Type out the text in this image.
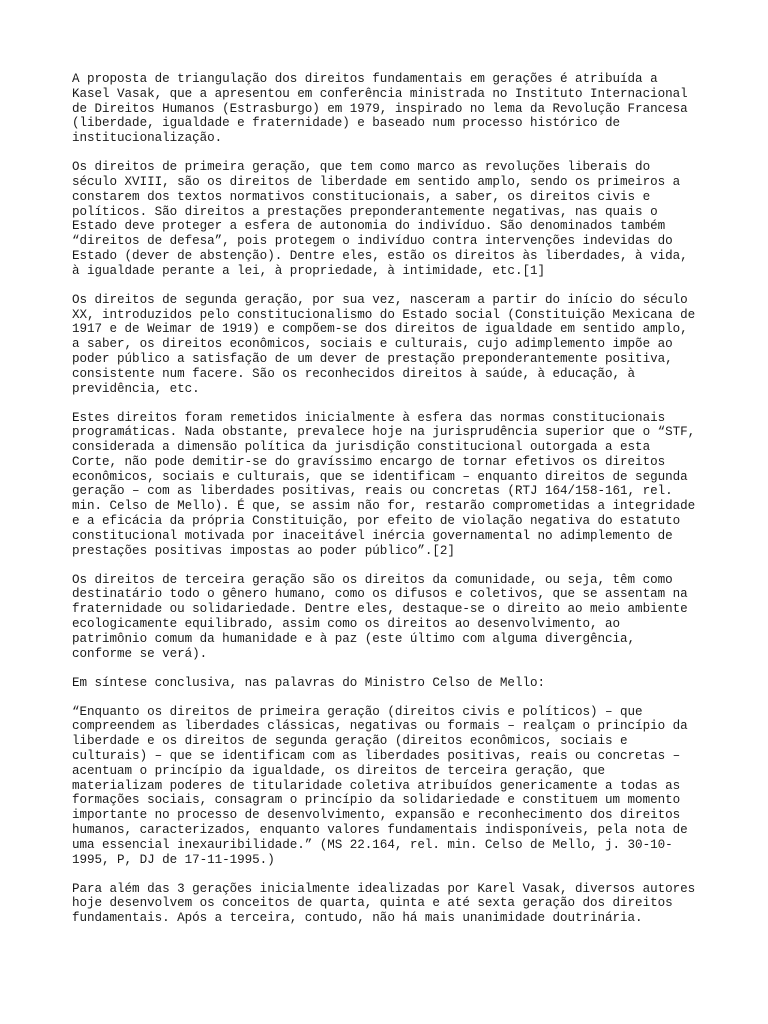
A proposta de triangulação dos direitos fundamentais em gerações é atribuída a
Kasel Vasak, que a apresentou em conferência ministrada no Instituto Internacional
de Direitos Humanos (Estrasburgo) em 1979, inspirado no lema da Revolução Francesa
(liberdade, igualdade e fraternidade) e baseado num processo histórico de
institucionalização.

Os direitos de primeira geração, que tem como marco as revoluções liberais do
século XVIII, são os direitos de liberdade em sentido amplo, sendo os primeiros a
constarem dos textos normativos constitucionais, a saber, os direitos civis e
políticos. São direitos a prestações preponderantemente negativas, nas quais o
Estado deve proteger a esfera de autonomia do indivíduo. São denominados também
“direitos de defesa”, pois protegem o indivíduo contra intervenções indevidas do
Estado (dever de abstenção). Dentre eles, estão os direitos às liberdades, à vida,
à igualdade perante a lei, à propriedade, à intimidade, etc.[1]

Os direitos de segunda geração, por sua vez, nasceram a partir do início do século
XX, introduzidos pelo constitucionalismo do Estado social (Constituição Mexicana de
1917 e de Weimar de 1919) e compõem-se dos direitos de igualdade em sentido amplo,
a saber, os direitos econômicos, sociais e culturais, cujo adimplemento impõe ao
poder público a satisfação de um dever de prestação preponderantemente positiva,
consistente num facere. São os reconhecidos direitos à saúde, à educação, à
previdência, etc.

Estes direitos foram remetidos inicialmente à esfera das normas constitucionais
programáticas. Nada obstante, prevalece hoje na jurisprudência superior que o “STF,
considerada a dimensão política da jurisdição constitucional outorgada a esta
Corte, não pode demitir-se do gravíssimo encargo de tornar efetivos os direitos
econômicos, sociais e culturais, que se identificam – enquanto direitos de segunda
geração – com as liberdades positivas, reais ou concretas (RTJ 164/158-161, rel.
min. Celso de Mello). É que, se assim não for, restarão comprometidas a integridade
e a eficácia da própria Constituição, por efeito de violação negativa do estatuto
constitucional motivada por inaceitável inércia governamental no adimplemento de
prestações positivas impostas ao poder público”.[2]

Os direitos de terceira geração são os direitos da comunidade, ou seja, têm como
destinatário todo o gênero humano, como os difusos e coletivos, que se assentam na
fraternidade ou solidariedade. Dentre eles, destaque-se o direito ao meio ambiente
ecologicamente equilibrado, assim como os direitos ao desenvolvimento, ao
patrimônio comum da humanidade e à paz (este último com alguma divergência,
conforme se verá).

Em síntese conclusiva, nas palavras do Ministro Celso de Mello:

“Enquanto os direitos de primeira geração (direitos civis e políticos) – que
compreendem as liberdades clássicas, negativas ou formais – realçam o princípio da
liberdade e os direitos de segunda geração (direitos econômicos, sociais e
culturais) – que se identificam com as liberdades positivas, reais ou concretas –
acentuam o princípio da igualdade, os direitos de terceira geração, que
materializam poderes de titularidade coletiva atribuídos genericamente a todas as
formações sociais, consagram o princípio da solidariedade e constituem um momento
importante no processo de desenvolvimento, expansão e reconhecimento dos direitos
humanos, caracterizados, enquanto valores fundamentais indisponíveis, pela nota de
uma essencial inexauribilidade.” (MS 22.164, rel. min. Celso de Mello, j. 30-10-
1995, P, DJ de 17-11-1995.)

Para além das 3 gerações inicialmente idealizadas por Karel Vasak, diversos autores
hoje desenvolvem os conceitos de quarta, quinta e até sexta geração dos direitos
fundamentais. Após a terceira, contudo, não há mais unanimidade doutrinária.
